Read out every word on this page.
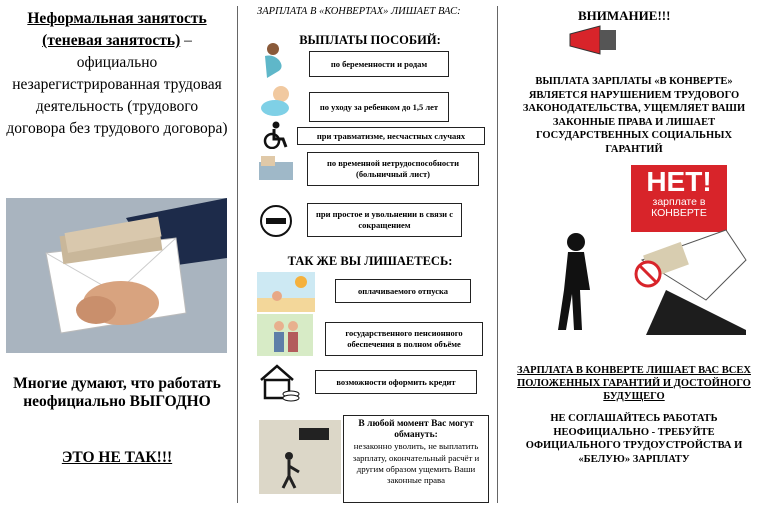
Неформальная занятость (теневая занятость) – официально незарегистрированная трудовая деятельность (трудового договора без трудового договора)
Многие думают, что работать неофициально ВЫГОДНО
ЭТО НЕ ТАК!!!
ЗАРПЛАТА В «КОНВЕРТАХ» ЛИШАЕТ ВАС:
ВЫПЛАТЫ ПОСОБИЙ:
по беременности и родам
по уходу за ребенком до 1,5 лет
при травматизме, несчастных случаях
по временной нетрудоспособности (больничный лист)
при простое и увольнении в связи с сокращением
ТАК ЖЕ ВЫ ЛИШАЕТЕСЬ:
оплачиваемого отпуска
государственного пенсионного обеспечения в полном объёме
возможности оформить кредит
В любой момент Вас могут обмануть:
незаконно уволить, не выплатить зарплату, окончательный расчёт и другим образом ущемить Ваши законные права
ВНИМАНИЕ!!!
ВЫПЛАТА ЗАРПЛАТЫ «В КОНВЕРТЕ» ЯВЛЯЕТСЯ НАРУШЕНИЕМ ТРУДОВОГО ЗАКОНОДАТЕЛЬСТВА, УЩЕМЛЯЕТ ВАШИ ЗАКОННЫЕ ПРАВА И ЛИШАЕТ ГОСУДАРСТВЕННЫХ СОЦИАЛЬНЫХ ГАРАНТИЙ
НЕТ!
зарплате в
КОНВЕРТЕ
ЗАРПЛАТА В КОНВЕРТЕ ЛИШАЕТ ВАС ВСЕХ ПОЛОЖЕННЫХ ГАРАНТИЙ И ДОСТОЙНОГО БУДУЩЕГО
НЕ СОГЛАШАЙТЕСЬ РАБОТАТЬ НЕОФИЦИАЛЬНО - ТРЕБУЙТЕ ОФИЦИАЛЬНОГО ТРУДОУСТРОЙСТВА И «БЕЛУЮ» ЗАРПЛАТУ
